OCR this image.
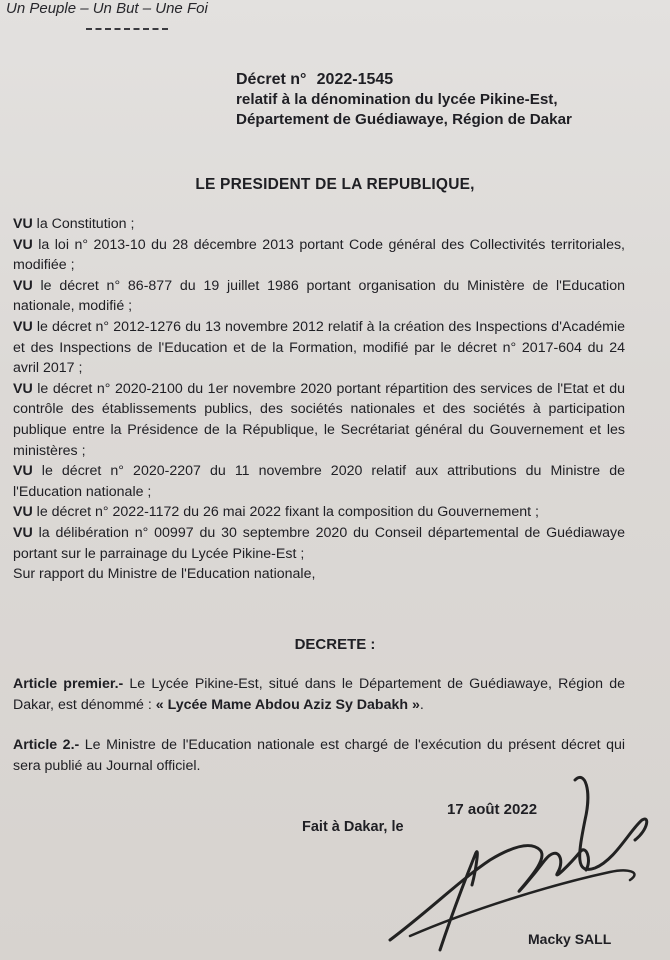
Un Peuple – Un But – Une Foi
Décret n° 2022-1545
relatif à la dénomination du lycée Pikine-Est,
Département de Guédiawaye, Région de Dakar
LE PRESIDENT DE LA REPUBLIQUE,

VU la Constitution ;

VU la loi n° 2013-10 du 28 décembre 2013 portant Code général des Collectivités territoriales, modifiée ;

VU le décret n° 86-877 du 19 juillet 1986 portant organisation du Ministère de l'Education nationale, modifié ;

VU le décret n° 2012-1276 du 13 novembre 2012 relatif à la création des Inspections d'Académie et des Inspections de l'Education et de la Formation, modifié par le décret n° 2017-604 du 24 avril 2017 ;

VU le décret n° 2020-2100 du 1er novembre 2020 portant répartition des services de l'Etat et du contrôle des établissements publics, des sociétés nationales et des sociétés à participation publique entre la Présidence de la République, le Secrétariat général du Gouvernement et les ministères ;

VU le décret n° 2020-2207 du 11 novembre 2020 relatif aux attributions du Ministre de l'Education nationale ;

VU le décret n° 2022-1172 du 26 mai 2022 fixant la composition du Gouvernement ;

VU la délibération n° 00997 du 30 septembre 2020 du Conseil départemental de Guédiawaye portant sur le parrainage du Lycée Pikine-Est ;

Sur rapport du Ministre de l'Education nationale,

DECRETE :
Article premier.- Le Lycée Pikine-Est, situé dans le Département de Guédiawaye, Région de Dakar, est dénommé : « Lycée Mame Abdou Aziz Sy Dabakh ».
Article 2.- Le Ministre de l'Education nationale est chargé de l'exécution du présent décret qui sera publié au Journal officiel.
17 août 2022
Fait à Dakar, le
Macky SALL
